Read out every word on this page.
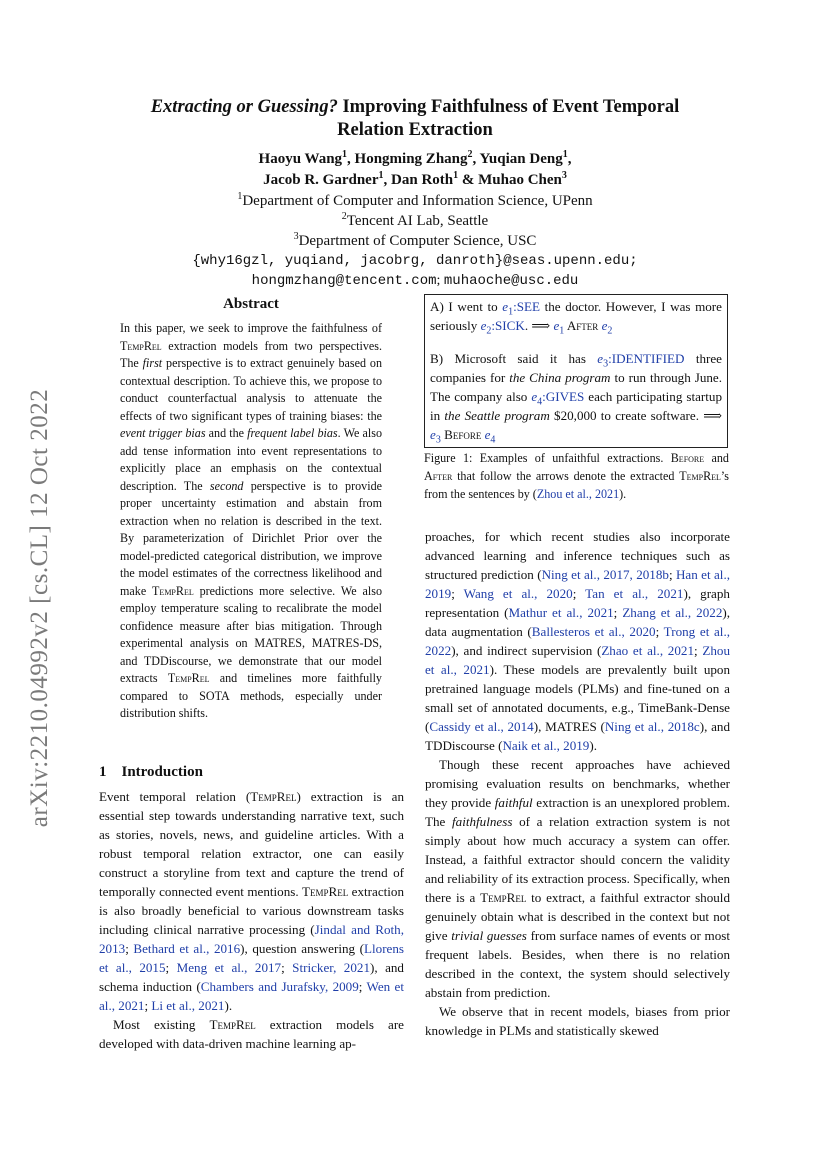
arXiv:2210.04992v2 [cs.CL] 12 Oct 2022
Extracting or Guessing? Improving Faithfulness of Event Temporal
Relation Extraction
Haoyu Wang$^1$, Hongming Zhang$^2$, Yuqian Deng$^1$,
Jacob R. Gardner$^1$, Dan Roth$^1$ & Muhao Chen$^3$
$^1$Department of Computer and Information Science, UPenn
$^2$Tencent AI Lab, Seattle
$^3$Department of Computer Science, USC
{why16gzl, yuqiand, jacobrg, danroth}@seas.upenn.edu;
hongmzhang@tencent.com; muhaoche@usc.edu
Abstract

In this paper, we seek to improve the faithfulness of TempRel extraction models from two perspectives. The first perspective is to extract genuinely based on contextual description. To achieve this, we propose to conduct counterfactual analysis to attenuate the effects of two significant types of training biases: the event trigger bias and the frequent label bias. We also add tense information into event representations to explicitly place an emphasis on the contextual description. The second perspective is to provide proper uncertainty estimation and abstain from extraction when no relation is described in the text. By parameterization of Dirichlet Prior over the model-predicted categorical distribution, we improve the model estimates of the correctness likelihood and make TempRel predictions more selective. We also employ temperature scaling to recalibrate the model confidence measure after bias mitigation. Through experimental analysis on MATRES, MATRES-DS, and TDDiscourse, we demonstrate that our model extracts TempRel and timelines more faithfully compared to SOTA methods, especially under distribution shifts.

1 Introduction

Event temporal relation (TempRel) extraction is an essential step towards understanding narrative text, such as stories, novels, news, and guideline articles. With a robust temporal relation extractor, one can easily construct a storyline from text and capture the trend of temporally connected event mentions. TempRel extraction is also broadly beneficial to various downstream tasks including clinical narrative processing (Jindal and Roth, 2013; Bethard et al., 2016), question answering (Llorens et al., 2015; Meng et al., 2017; Stricker, 2021), and schema induction (Chambers and Jurafsky, 2009; Wen et al., 2021; Li et al., 2021).

Most existing TempRel extraction models are developed with data-driven machine learning ap-

A) I went to $e_1:SEE$ the doctor. However, I was more seriously $e_2:SICK$. ⟹ $e_1$ After $e_2$

B) Microsoft said it has $e_3:IDENTIFIED$ three companies for the China program to run through June. The company also $e_4:GIVES$ each participating startup in the Seattle program $20,000 to create software. ⟹ $e_3$ Before $e_4$

Figure 1: Examples of unfaithful extractions. Before and After that follow the arrows denote the extracted TempRel’s from the sentences by (Zhou et al., 2021).

proaches, for which recent studies also incorporate advanced learning and inference techniques such as structured prediction (Ning et al., 2017, 2018b; Han et al., 2019; Wang et al., 2020; Tan et al., 2021), graph representation (Mathur et al., 2021; Zhang et al., 2022), data augmentation (Ballesteros et al., 2020; Trong et al., 2022), and indirect supervision (Zhao et al., 2021; Zhou et al., 2021). These models are prevalently built upon pretrained language models (PLMs) and fine-tuned on a small set of annotated documents, e.g., TimeBank-Dense (Cassidy et al., 2014), MATRES (Ning et al., 2018c), and TDDiscourse (Naik et al., 2019).

Though these recent approaches have achieved promising evaluation results on benchmarks, whether they provide faithful extraction is an unexplored problem. The faithfulness of a relation extraction system is not simply about how much accuracy a system can offer. Instead, a faithful extractor should concern the validity and reliability of its extraction process. Specifically, when there is a TempRel to extract, a faithful extractor should genuinely obtain what is described in the context but not give trivial guesses from surface names of events or most frequent labels. Besides, when there is no relation described in the context, the system should selectively abstain from prediction.

We observe that in recent models, biases from prior knowledge in PLMs and statistically skewed
